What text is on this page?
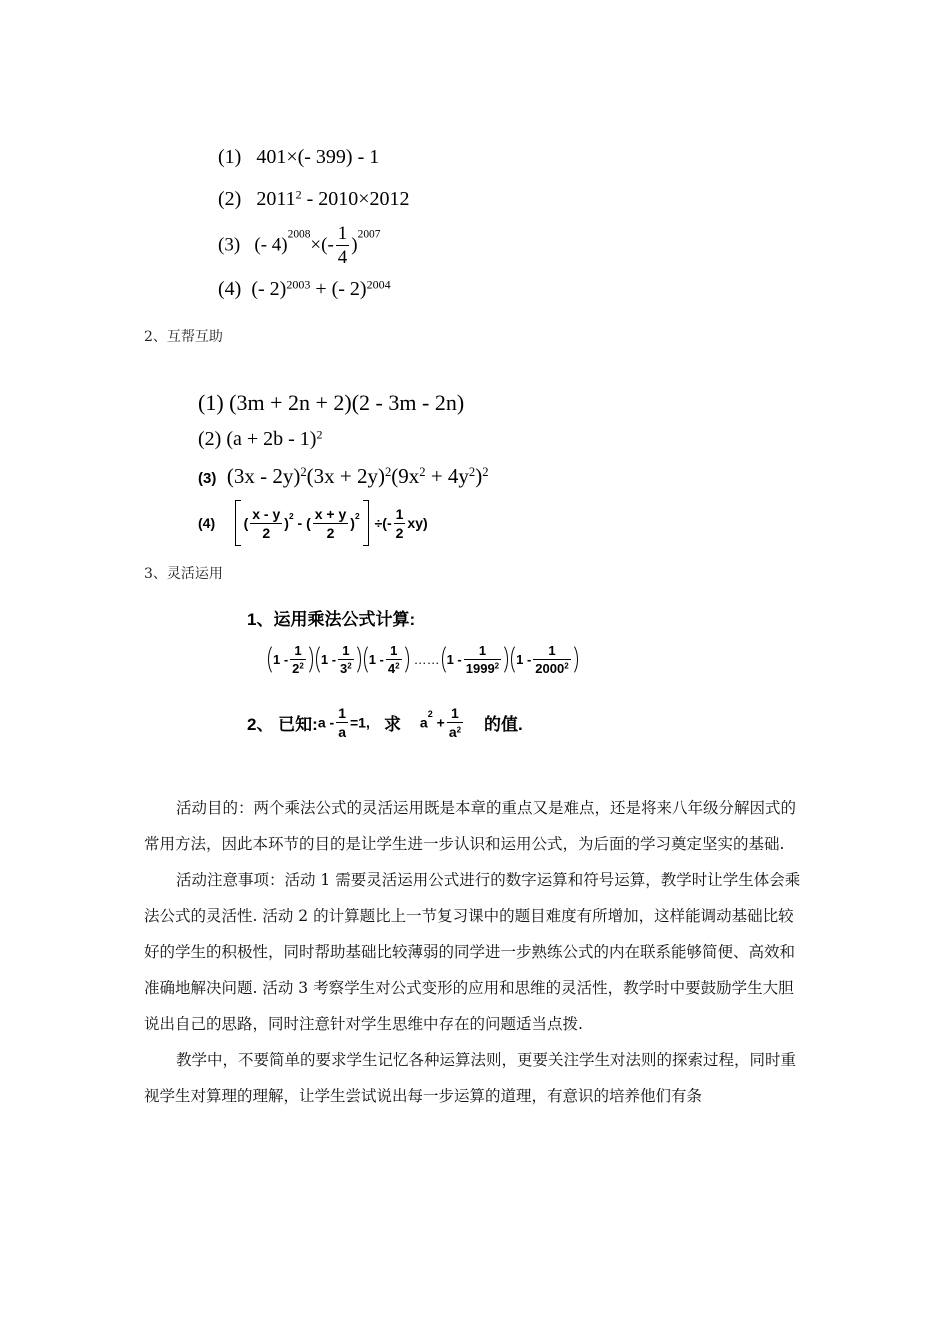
(1) 401×(- 399) - 1
(2) 2011$^2$ - 2010×2012
(3) (- $4)^{2008}\times(- \frac{1}{4} )^{2007}$
(4) (- 2)$^{2003}$ + (- 2)$^{2004}$
2、互帮互助
(1) (3m + 2n + 2)(2 - 3m - 2n)
(2) $(a + 2b - 1)^2$
(3) $(3x - 2y)^2(3x + 2y)^2(9x^2 + 4y^2)^2$
(4) ( $\frac{x - y}{2} )^2$ - ( $\frac{x + y}{2} )^2$ ÷(- $\frac{1}{2} xy$)
3、灵活运用
1、运用乘法公式计算:
$1 - \frac{1}{2^2} 1 - \frac{1}{3^2} 1 - \frac{1}{4^2}$ …… $1 - \frac{1}{1999^2} 1 - \frac{1}{2000^2}$
2、 已知:a - $\frac{1}{a} =1$, 求 $a^2 + \frac{1}{a^2}$ 的值.

活动目的：两个乘法公式的灵活运用既是本章的重点又是难点，还是将来八年级分解因式的常用方法，因此本环节的目的是让学生进一步认识和运用公式，为后面的学习奠定坚实的基础.

活动注意事项：活动 1 需要灵活运用公式进行的数字运算和符号运算，教学时让学生体会乘法公式的灵活性. 活动 2 的计算题比上一节复习课中的题目难度有所增加，这样能调动基础比较好的学生的积极性，同时帮助基础比较薄弱的同学进一步熟练公式的内在联系能够简便、高效和准确地解决问题. 活动 3 考察学生对公式变形的应用和思维的灵活性，教学时中要鼓励学生大胆说出自己的思路，同时注意针对学生思维中存在的问题适当点拨.

教学中，不要简单的要求学生记忆各种运算法则，更要关注学生对法则的探索过程，同时重视学生对算理的理解，让学生尝试说出每一步运算的道理，有意识的培养他们有条
